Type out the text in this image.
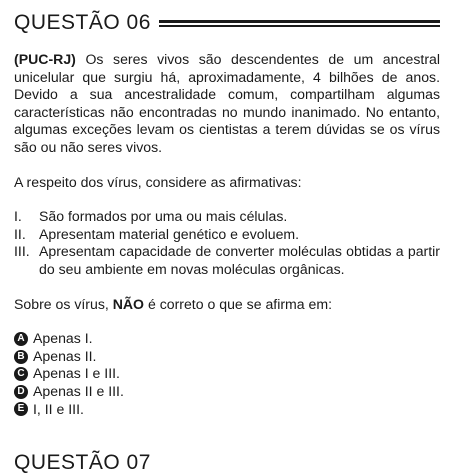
QUESTÃO 06

(PUC-RJ) Os seres vivos são descendentes de um ancestral unicelular que surgiu há, aproximadamente, 4 bilhões de anos. Devido a sua ancestralidade comum, compartilham algumas características não encontradas no mundo inanimado. No entanto, algumas exceções levam os cientistas a terem dúvidas se os vírus são ou não seres vivos.

A respeito dos vírus, considere as afirmativas:

I.	São formados por uma ou mais células.
II. Apresentam material genético e evoluem.
III. Apresentam capacidade de converter moléculas obtidas a partir do seu ambiente em novas moléculas orgânicas.

Sobre os vírus, NÃO é correto o que se afirma em:

A Apenas I.
B Apenas II.
C Apenas I e III.
D Apenas II e III.
E I, II e III.
QUESTÃO 07
